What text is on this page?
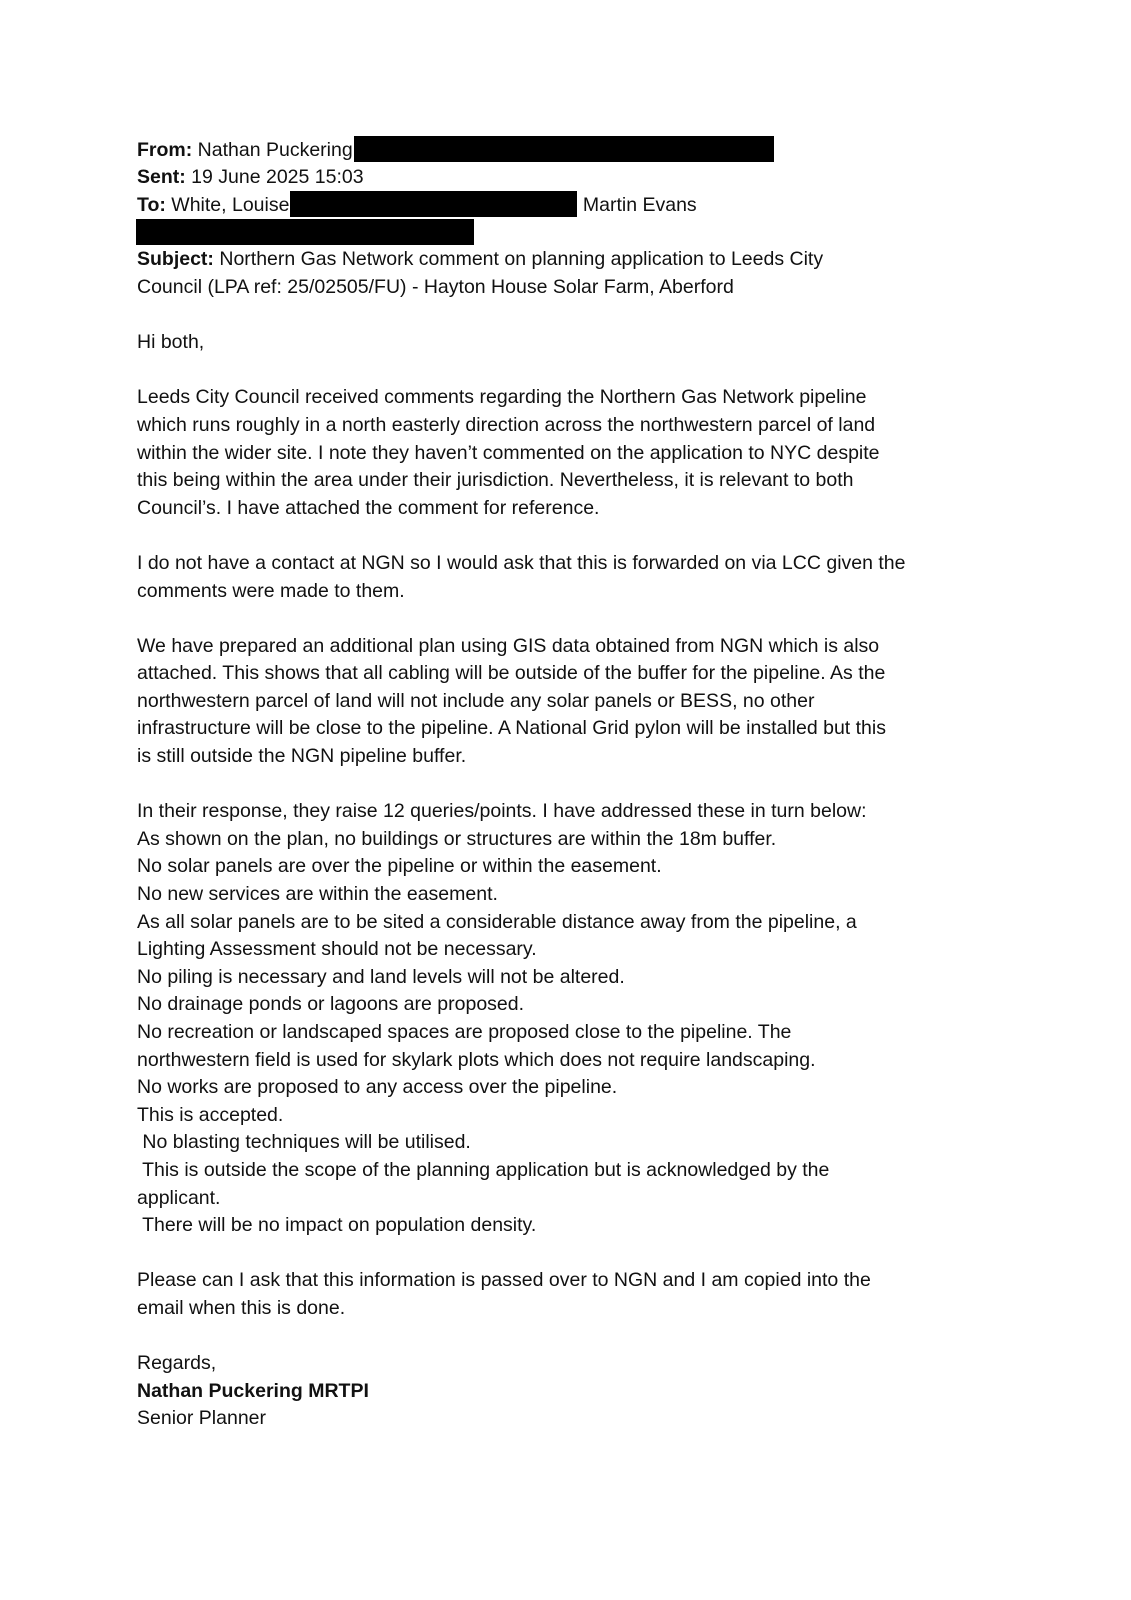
From: Nathan Puckering
Sent: 19 June 2025 15:03
To: White, Louise	Martin Evans
Subject: Northern Gas Network comment on planning application to Leeds City
Council (LPA ref: 25/02505/FU) - Hayton House Solar Farm, Aberford
Hi both,
Leeds City Council received comments regarding the Northern Gas Network pipeline
which runs roughly in a north easterly direction across the northwestern parcel of land
within the wider site. I note they haven’t commented on the application to NYC despite
this being within the area under their jurisdiction. Nevertheless, it is relevant to both
Council’s. I have attached the comment for reference.
I do not have a contact at NGN so I would ask that this is forwarded on via LCC given the
comments were made to them.
We have prepared an additional plan using GIS data obtained from NGN which is also
attached. This shows that all cabling will be outside of the buffer for the pipeline. As the
northwestern parcel of land will not include any solar panels or BESS, no other
infrastructure will be close to the pipeline. A National Grid pylon will be installed but this
is still outside the NGN pipeline buffer.
In their response, they raise 12 queries/points. I have addressed these in turn below:
As shown on the plan, no buildings or structures are within the 18m buffer.
No solar panels are over the pipeline or within the easement.
No new services are within the easement.
As all solar panels are to be sited a considerable distance away from the pipeline, a
Lighting Assessment should not be necessary.
No piling is necessary and land levels will not be altered.
No drainage ponds or lagoons are proposed.
No recreation or landscaped spaces are proposed close to the pipeline. The
northwestern field is used for skylark plots which does not require landscaping.
No works are proposed to any access over the pipeline.
This is accepted.
No blasting techniques will be utilised.
This is outside the scope of the planning application but is acknowledged by the
applicant.
There will be no impact on population density.
Please can I ask that this information is passed over to NGN and I am copied into the
email when this is done.
Regards,
Nathan Puckering MRTPI
Senior Planner
